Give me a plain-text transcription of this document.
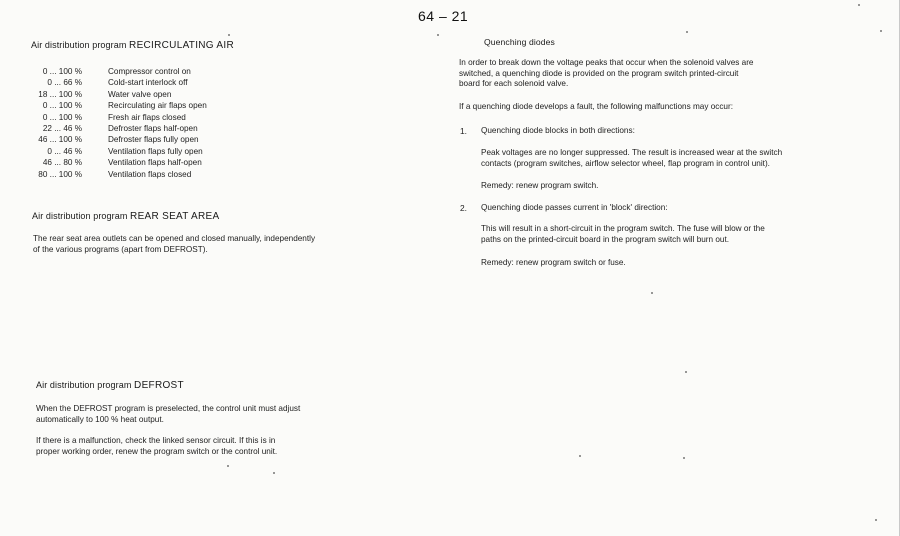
64 – 21
Air distribution program RECIRCULATING AIR
0 ... 100 %	Compressor control on
0 ... 66 %	Cold-start interlock off
18 ... 100 %	Water valve open
0 ... 100 %	Recirculating air flaps open
0 ... 100 %	Fresh air flaps closed
22 ... 46 %	Defroster flaps half-open
46 ... 100 %	Defroster flaps fully open
0 ... 46 %	Ventilation flaps fully open
46 ... 80 %	Ventilation flaps half-open
80 ... 100 %	Ventilation flaps closed
Air distribution program REAR SEAT AREA
The rear seat area outlets can be opened and closed manually, independently
of the various programs (apart from DEFROST).
Air distribution program DEFROST
When the DEFROST program is preselected, the control unit must adjust
automatically to 100 % heat output.
If there is a malfunction, check the linked sensor circuit. If this is in
proper working order, renew the program switch or the control unit.
Quenching diodes
In order to break down the voltage peaks that occur when the solenoid valves are
switched, a quenching diode is provided on the program switch printed-circuit
board for each solenoid valve.
If a quenching diode develops a fault, the following malfunctions may occur:
1. Quenching diode blocks in both directions:
Peak voltages are no longer suppressed. The result is increased wear at the switch
contacts (program switches, airflow selector wheel, flap program in control unit).
Remedy: renew program switch.
2. Quenching diode passes current in 'block' direction:
This will result in a short-circuit in the program switch. The fuse will blow or the
paths on the printed-circuit board in the program switch will burn out.
Remedy: renew program switch or fuse.
